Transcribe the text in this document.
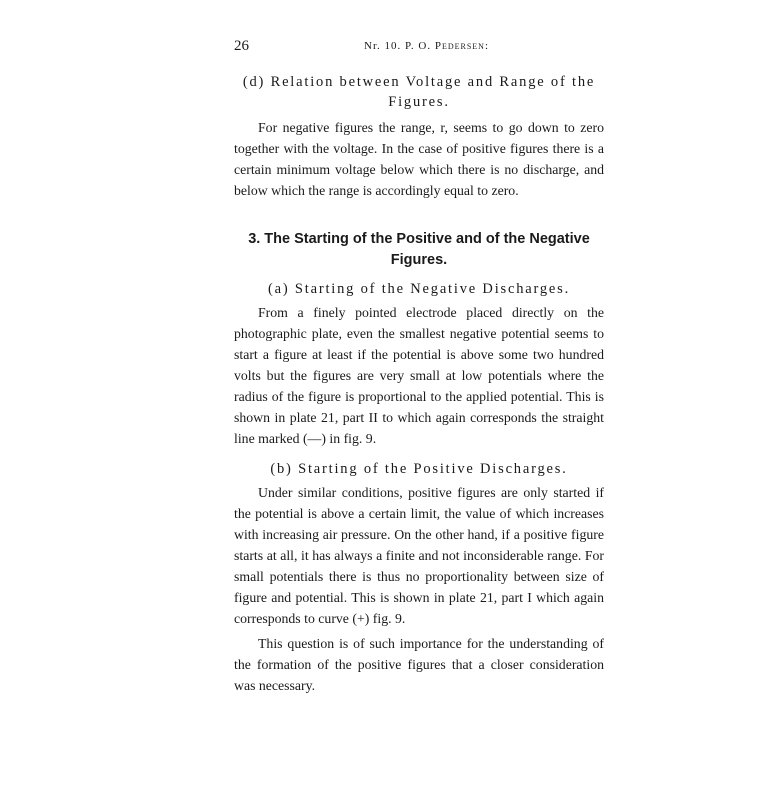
26	Nr. 10. P. O. Pedersen:
(d) Relation between Voltage and Range of the
Figures.

For negative figures the range, r, seems to go down to zero together with the voltage. In the case of positive figures there is a certain minimum voltage below which there is no discharge, and below which the range is accordingly equal to zero.

3. The Starting of the Positive and of the Negative
Figures.
(a) Starting of the Negative Discharges.

From a finely pointed electrode placed directly on the photographic plate, even the smallest negative potential seems to start a figure at least if the potential is above some two hundred volts but the figures are very small at low potentials where the radius of the figure is proportional to the applied potential. This is shown in plate 21, part II to which again corresponds the straight line marked (—) in fig. 9.

(b) Starting of the Positive Discharges.

Under similar conditions, positive figures are only started if the potential is above a certain limit, the value of which increases with increasing air pressure. On the other hand, if a positive figure starts at all, it has always a finite and not inconsiderable range. For small potentials there is thus no proportionality between size of figure and potential. This is shown in plate 21, part I which again corresponds to curve (+) fig. 9.

This question is of such importance for the understanding of the formation of the positive figures that a closer consideration was necessary.
